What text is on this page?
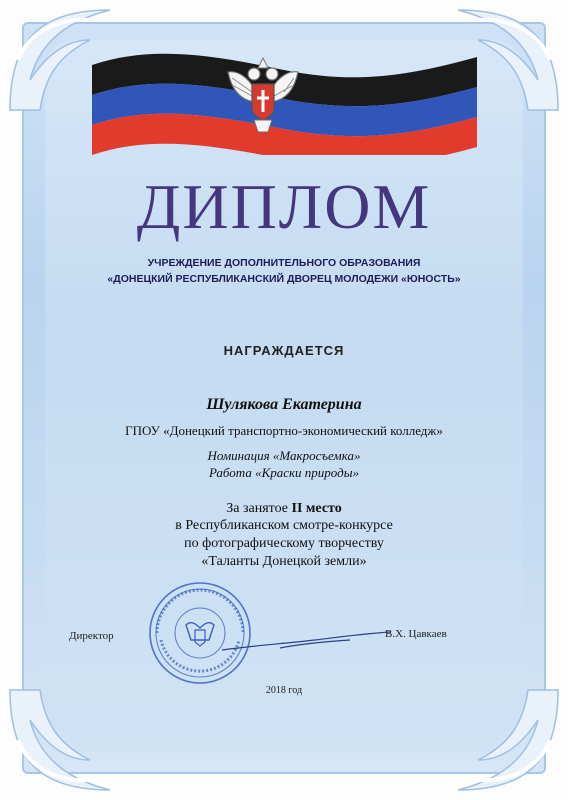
ДИПЛОМ
УЧРЕЖДЕНИЕ ДОПОЛНИТЕЛЬНОГО ОБРАЗОВАНИЯ
«ДОНЕЦКИЙ РЕСПУБЛИКАНСКИЙ ДВОРЕЦ МОЛОДЕЖИ «ЮНОСТЬ»
НАГРАЖДАЕТСЯ
Шулякова Екатерина
ГПОУ «Донецкий транспортно-экономический колледж»
Номинация «Макросъемка»
Работа «Краски природы»
За занятое II место
в Республиканском смотре-конкурсе
по фотографическому творчеству
«Таланты Донецкой земли»
Директор	В.Х. Цавкаев
2018 год
